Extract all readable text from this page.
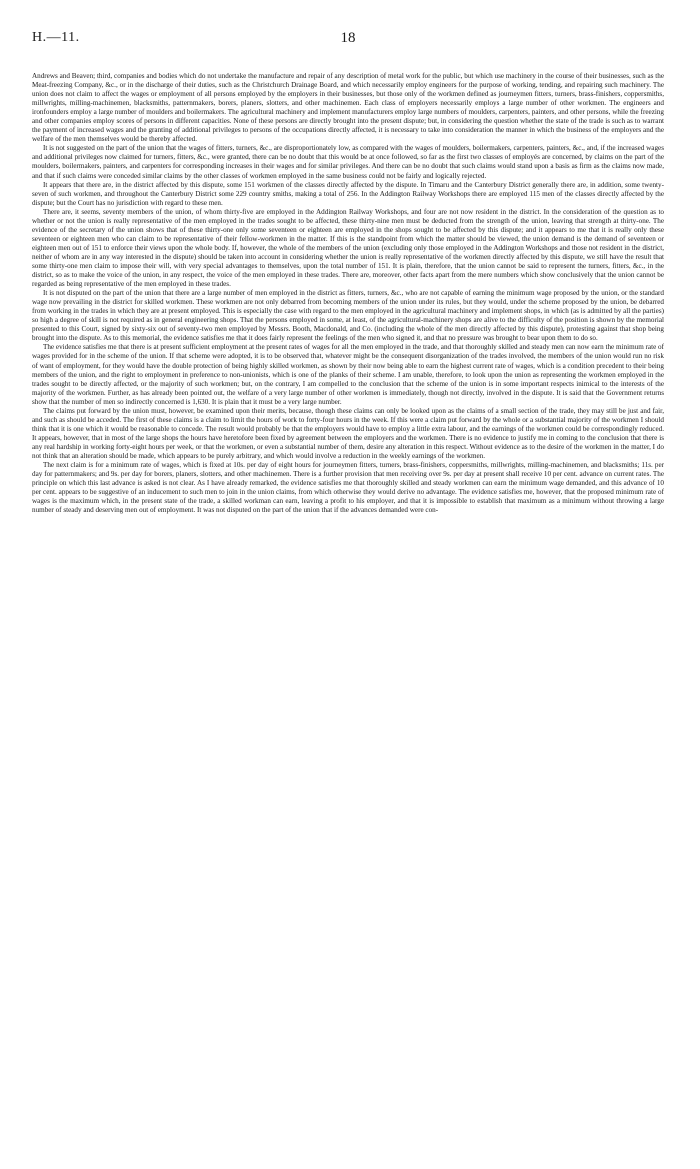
H.—11.	18

Andrews and Beaven; third, companies and bodies which do not undertake the manufacture and repair of any description of metal work for the public, but which use machinery in the course of their businesses, such as the Meat-freezing Company, &c., or in the discharge of their duties, such as the Christchurch Drainage Board, and which necessarily employ engineers for the purpose of working, tending, and repairing such machinery. The union does not claim to affect the wages or employment of all persons employed by the employers in their businesses, but those only of the workmen defined as journeymen fitters, turners, brass-finishers, coppersmiths, millwrights, milling-machinemen, blacksmiths, patternmakers, borers, planers, slotters, and other machinemen. Each class of employers necessarily employs a large number of other workmen. The engineers and ironfounders employ a large number of moulders and boilermakers. The agricultural machinery and implement manufacturers employ large numbers of moulders, carpenters, painters, and other persons, while the freezing and other companies employ scores of persons in different capacities. None of these persons are directly brought into the present dispute; but, in considering the question whether the state of the trade is such as to warrant the payment of increased wages and the granting of additional privileges to persons of the occupations directly affected, it is necessary to take into consideration the manner in which the business of the employers and the welfare of the men themselves would be thereby affected.

It is not suggested on the part of the union that the wages of fitters, turners, &c., are disproportionately low, as compared with the wages of moulders, boilermakers, carpenters, painters, &c., and, if the increased wages and additional privileges now claimed for turners, fitters, &c., were granted, there can be no doubt that this would be at once followed, so far as the first two classes of employés are concerned, by claims on the part of the moulders, boilermakers, painters, and carpenters for corresponding increases in their wages and for similar privileges. And there can be no doubt that such claims would stand upon a basis as firm as the claims now made, and that if such claims were conceded similar claims by the other classes of workmen employed in the same business could not be fairly and logically rejected.

It appears that there are, in the district affected by this dispute, some 151 workmen of the classes directly affected by the dispute. In Timaru and the Canterbury District generally there are, in addition, some twenty-seven of such workmen, and throughout the Canterbury District some 229 country smiths, making a total of 256. In the Addington Railway Workshops there are employed 115 men of the classes directly affected by the dispute; but the Court has no jurisdiction with regard to these men.

There are, it seems, seventy members of the union, of whom thirty-five are employed in the Addington Railway Workshops, and four are not now resident in the district. In the consideration of the question as to whether or not the union is really representative of the men employed in the trades sought to be affected, these thirty-nine men must be deducted from the strength of the union, leaving that strength at thirty-one. The evidence of the secretary of the union shows that of these thirty-one only some seventeen or eighteen are employed in the shops sought to be affected by this dispute; and it appears to me that it is really only these seventeen or eighteen men who can claim to be representative of their fellow-workmen in the matter. If this is the standpoint from which the matter should be viewed, the union demand is the demand of seventeen or eighteen men out of 151 to enforce their views upon the whole body. If, however, the whole of the members of the union (excluding only those employed in the Addington Workshops and those not resident in the district, neither of whom are in any way interested in the dispute) should be taken into account in considering whether the union is really representative of the workmen directly affected by this dispute, we still have the result that some thirty-one men claim to impose their will, with very special advantages to themselves, upon the total number of 151. It is plain, therefore, that the union cannot be said to represent the turners, fitters, &c., in the district, so as to make the voice of the union, in any respect, the voice of the men employed in these trades. There are, moreover, other facts apart from the mere numbers which show conclusively that the union cannot be regarded as being representative of the men employed in these trades.

It is not disputed on the part of the union that there are a large number of men employed in the district as fitters, turners, &c., who are not capable of earning the minimum wage proposed by the union, or the standard wage now prevailing in the district for skilled workmen. These workmen are not only debarred from becoming members of the union under its rules, but they would, under the scheme proposed by the union, be debarred from working in the trades in which they are at present employed. This is especially the case with regard to the men employed in the agricultural machinery and implement shops, in which (as is admitted by all the parties) so high a degree of skill is not required as in general engineering shops. That the persons employed in some, at least, of the agricultural-machinery shops are alive to the difficulty of the position is shown by the memorial presented to this Court, signed by sixty-six out of seventy-two men employed by Messrs. Booth, Macdonald, and Co. (including the whole of the men directly affected by this dispute), protesting against that shop being brought into the dispute. As to this memorial, the evidence satisfies me that it does fairly represent the feelings of the men who signed it, and that no pressure was brought to bear upon them to do so.

The evidence satisfies me that there is at present sufficient employment at the present rates of wages for all the men employed in the trade, and that thoroughly skilled and steady men can now earn the minimum rate of wages provided for in the scheme of the union. If that scheme were adopted, it is to be observed that, whatever might be the consequent disorganization of the trades involved, the members of the union would run no risk of want of employment, for they would have the double protection of being highly skilled workmen, as shown by their now being able to earn the highest current rate of wages, which is a condition precedent to their being members of the union, and the right to employment in preference to non-unionists, which is one of the planks of their scheme. I am unable, therefore, to look upon the union as representing the workmen employed in the trades sought to be directly affected, or the majority of such workmen; but, on the contrary, I am compelled to the conclusion that the scheme of the union is in some important respects inimical to the interests of the majority of the workmen. Further, as has already been pointed out, the welfare of a very large number of other workmen is immediately, though not directly, involved in the dispute. It is said that the Government returns show that the number of men so indirectly concerned is 1,630. It is plain that it must be a very large number.

The claims put forward by the union must, however, be examined upon their merits, because, though these claims can only be looked upon as the claims of a small section of the trade, they may still be just and fair, and such as should be acceded. The first of these claims is a claim to limit the hours of work to forty-four hours in the week. If this were a claim put forward by the whole or a substantial majority of the workmen I should think that it is one which it would be reasonable to concede. The result would probably be that the employers would have to employ a little extra labour, and the earnings of the workmen could be correspondingly reduced. It appears, however, that in most of the large shops the hours have heretofore been fixed by agreement between the employers and the workmen. There is no evidence to justify me in coming to the conclusion that there is any real hardship in working forty-eight hours per week, or that the workmen, or even a substantial number of them, desire any alteration in this respect. Without evidence as to the desire of the workmen in the matter, I do not think that an alteration should be made, which appears to be purely arbitrary, and which would involve a reduction in the weekly earnings of the workmen.

The next claim is for a minimum rate of wages, which is fixed at 10s. per day of eight hours for journeymen fitters, turners, brass-finishers, coppersmiths, millwrights, milling-machinemen, and blacksmiths; 11s. per day for patternmakers; and 9s. per day for borers, planers, slotters, and other machinemen. There is a further provision that men receiving over 9s. per day at present shall receive 10 per cent. advance on current rates. The principle on which this last advance is asked is not clear. As I have already remarked, the evidence satisfies me that thoroughly skilled and steady workmen can earn the minimum wage demanded, and this advance of 10 per cent. appears to be suggestive of an inducement to such men to join in the union claims, from which otherwise they would derive no advantage. The evidence satisfies me, however, that the proposed minimum rate of wages is the maximum which, in the present state of the trade, a skilled workman can earn, leaving a profit to his employer, and that it is impossible to establish that maximum as a minimum without throwing a large number of steady and deserving men out of employment. It was not disputed on the part of the union that if the advances demanded were con-
